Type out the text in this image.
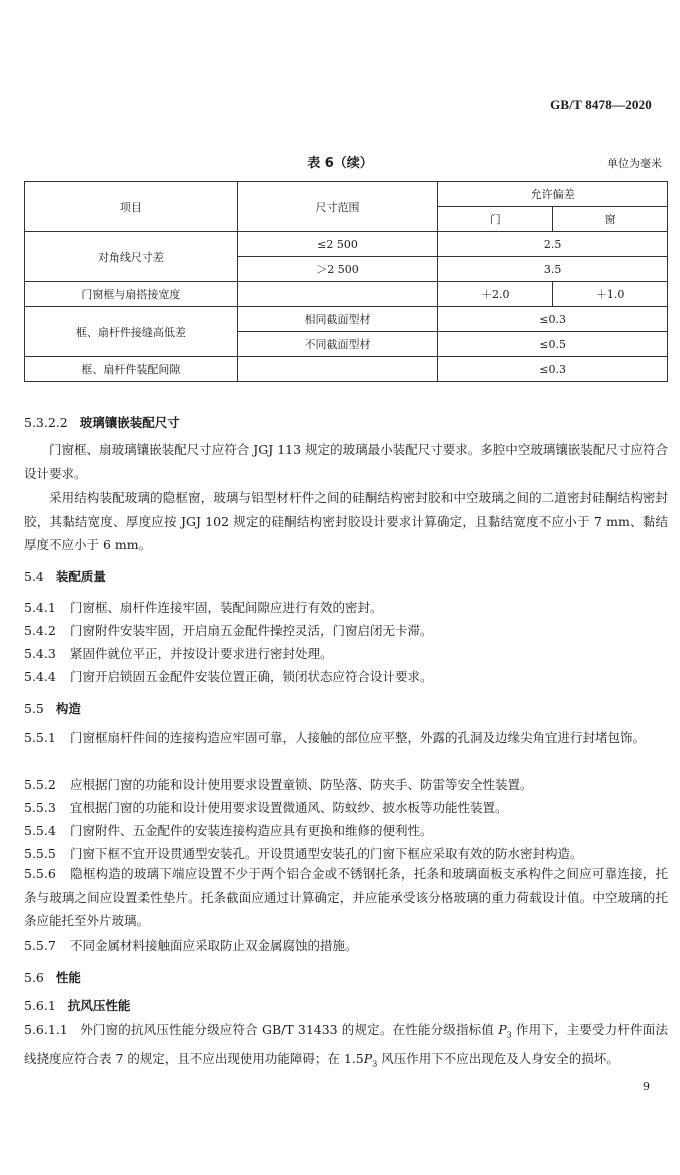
GB/T 8478—2020
表 6（续）	单位为毫米
项目	尺寸范围	允许偏差	
		门	窗
对角线尺寸差	≤2 500	2.5	
	＞2 500	3.5	
门窗框与扇搭接宽度		＋2.0	＋1.0
框、扇杆件接缝高低差	相同截面型材	≤0.3	
	不同截面型材	≤0.5	
框、扇杆件装配间隙		≤0.3	
5.3.2.2 玻璃镶嵌装配尺寸
门窗框、扇玻璃镶嵌装配尺寸应符合 JGJ 113 规定的玻璃最小装配尺寸要求。多腔中空玻璃镶嵌装配尺寸应符合设计要求。
采用结构装配玻璃的隐框窗，玻璃与铝型材杆件之间的硅酮结构密封胶和中空玻璃之间的二道密封硅酮结构密封胶，其黏结宽度、厚度应按 JGJ 102 规定的硅酮结构密封胶设计要求计算确定，且黏结宽度不应小于 7 mm、黏结厚度不应小于 6 mm。
5.4 装配质量
5.4.1 门窗框、扇杆件连接牢固，装配间隙应进行有效的密封。
5.4.2 门窗附件安装牢固，开启扇五金配件操控灵活，门窗启闭无卡滞。
5.4.3 紧固件就位平正，并按设计要求进行密封处理。
5.4.4 门窗开启锁固五金配件安装位置正确，锁闭状态应符合设计要求。
5.5 构造
5.5.1 门窗框扇杆件间的连接构造应牢固可靠，人接触的部位应平整，外露的孔洞及边缘尖角宜进行封堵包饰。
5.5.2 应根据门窗的功能和设计使用要求设置童锁、防坠落、防夹手、防雷等安全性装置。
5.5.3 宜根据门窗的功能和设计使用要求设置微通风、防蚊纱、披水板等功能性装置。
5.5.4 门窗附件、五金配件的安装连接构造应具有更换和维修的便利性。
5.5.5 门窗下框不宜开设贯通型安装孔。开设贯通型安装孔的门窗下框应采取有效的防水密封构造。
5.5.6 隐框构造的玻璃下端应设置不少于两个铝合金或不锈钢托条，托条和玻璃面板支承构件之间应可靠连接，托条与玻璃之间应设置柔性垫片。托条截面应通过计算确定，并应能承受该分格玻璃的重力荷载设计值。中空玻璃的托条应能托至外片玻璃。
5.5.7 不同金属材料接触面应采取防止双金属腐蚀的措施。
5.6 性能
5.6.1 抗风压性能
5.6.1.1 外门窗的抗风压性能分级应符合 GB/T 31433 的规定。在性能分级指标值 $P_3$ 作用下，主要受力杆件面法线挠度应符合表 7 的规定，且不应出现使用功能障碍；在 $1.5P_3$ 风压作用下不应出现危及人身安全的损坏。
9
